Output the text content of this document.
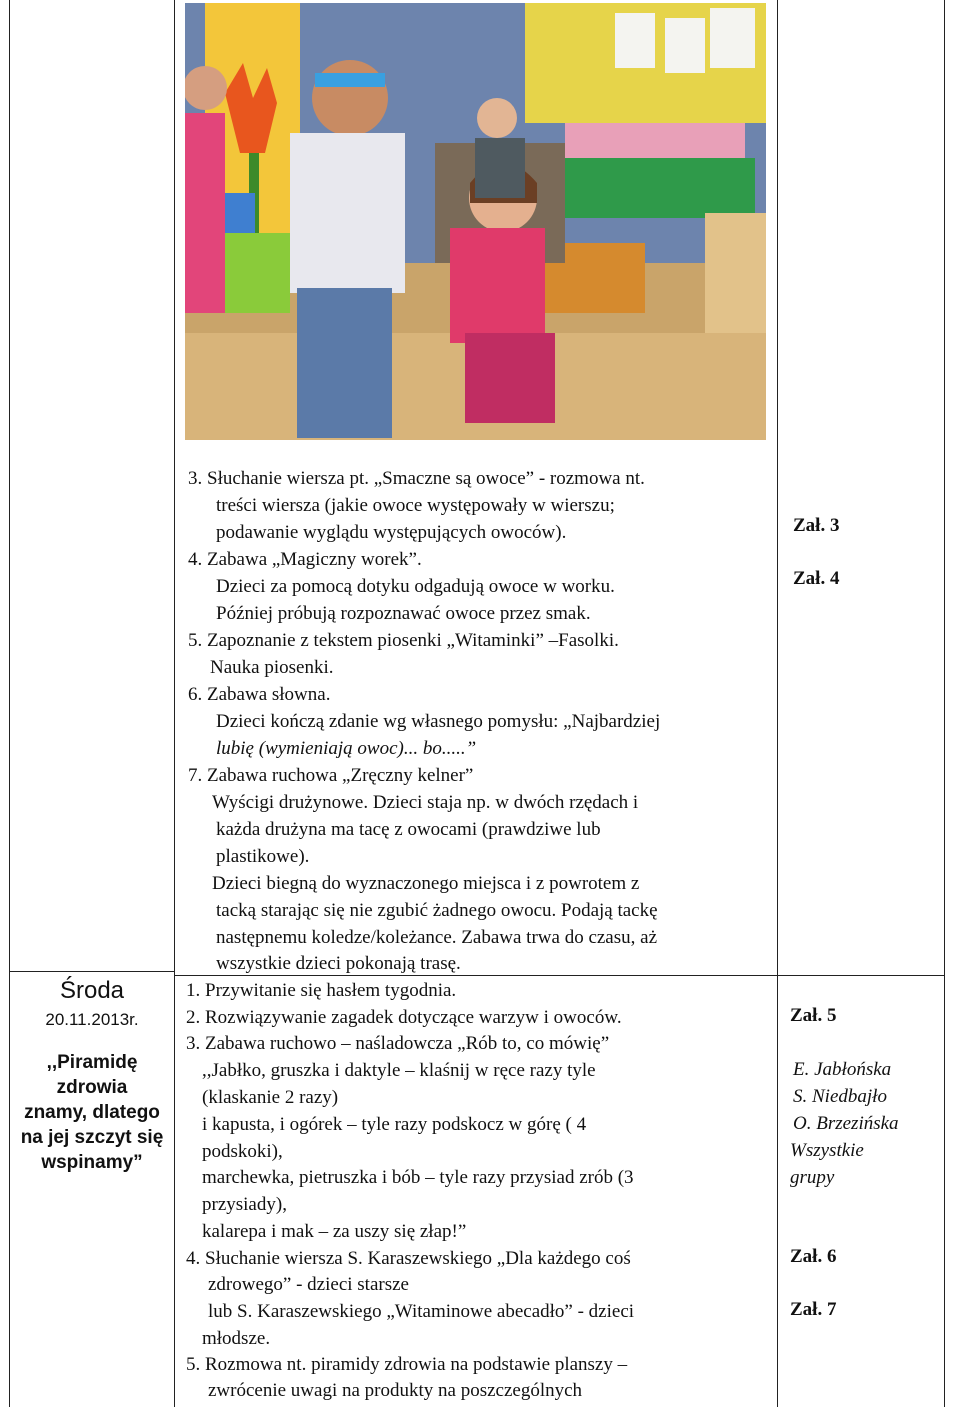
Środa
20.11.2013r.
,,Piramidę
zdrowia
znamy, dlatego
na jej szczyt się
wspinamy”
3. Słuchanie wiersza pt. „Smaczne są owoce” - rozmowa nt.
treści wiersza (jakie owoce występowały w wierszu;
podawanie wyglądu występujących owoców).
4. Zabawa „Magiczny worek”.
Dzieci za pomocą dotyku odgadują owoce w worku.
Później próbują rozpoznawać owoce przez smak.
5. Zapoznanie z tekstem piosenki „Witaminki” –Fasolki.
Nauka piosenki.
6. Zabawa słowna.
Dzieci kończą zdanie wg własnego pomysłu: „Najbardziej
lubię (wymieniają owoc)... bo.....”
7. Zabawa ruchowa „Zręczny kelner”
Wyścigi drużynowe. Dzieci staja np. w dwóch rzędach i
każda drużyna ma tacę z owocami (prawdziwe lub
plastikowe).
Dzieci biegną do wyznaczonego miejsca i z powrotem z
tacką starając się nie zgubić żadnego owocu. Podają tackę
następnemu koledze/koleżance. Zabawa trwa do czasu, aż
wszystkie dzieci pokonają trasę.
1. Przywitanie się hasłem tygodnia.
2. Rozwiązywanie zagadek dotyczące warzyw i owoców.
3. Zabawa ruchowo – naśladowcza „Rób to, co mówię”
,,Jabłko, gruszka i daktyle – klaśnij w ręce razy tyle
(klaskanie 2 razy)
i kapusta, i ogórek – tyle razy podskocz w górę ( 4
podskoki),
marchewka, pietruszka i bób – tyle razy przysiad zrób (3
przysiady),
kalarepa i mak – za uszy się złap!”
4. Słuchanie wiersza S. Karaszewskiego „Dla każdego coś
zdrowego” - dzieci starsze
lub S. Karaszewskiego „Witaminowe abecadło” - dzieci
młodsze.
5. Rozmowa nt. piramidy zdrowia na podstawie planszy –
zwrócenie uwagi na produkty na poszczególnych
Zał. 3
Zał. 4
Zał. 5
E. Jabłońska
S. Niedbajło
O. Brzezińska
Wszystkie
grupy
Zał. 6
Zał. 7
